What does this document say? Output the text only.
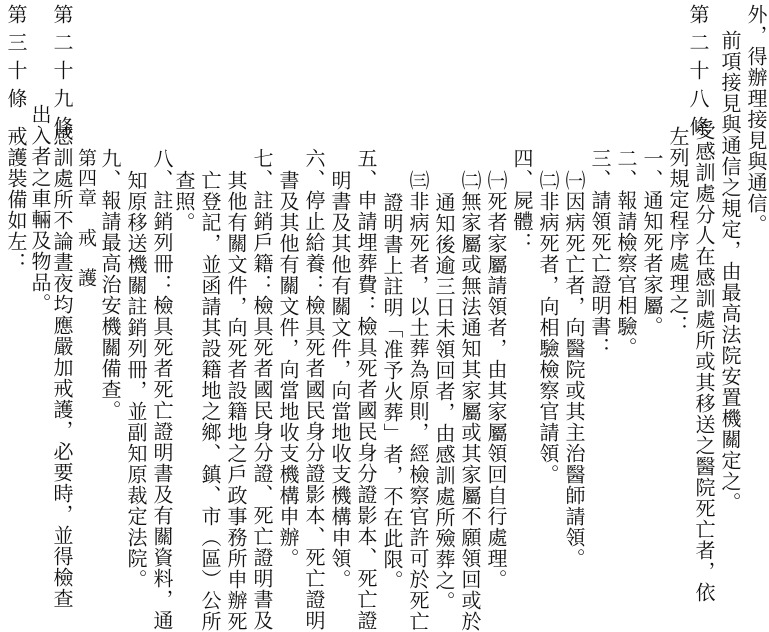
第二十八條
第二十九條
第三十條	外，得辦理接見與通信。
前項接見與通信之規定，由最高法院安置機關定之。
受感訓處分人在感訓處所或其移送之醫院死亡者，依
左列規定程序處理之：
一、通知死者家屬。
二、報請檢察官相驗。
三、請領死亡證明書：
㈠因病死亡者，向醫院或其主治醫師請領。
㈡非病死者，向相驗檢察官請領。
四、屍體：
㈠死者家屬請領者，由其家屬領回自行處理。
㈡無家屬或無法通知其家屬或其家屬不願領回或於
通知後逾三日未領回者，由感訓處所殮葬之。
㈢非病死者，以土葬為原則，經檢察官許可於死亡
證明書上註明「准予火葬」者，不在此限。
五、申請埋葬費：檢具死者國民身分證影本、死亡證
明書及其他有關文件，向當地收支機構申領。
六、停止給養：檢具死者國民身分證影本、死亡證明
書及其他有關文件，向當地收支機構申辦。
七、註銷戶籍：檢具死者國民身分證、死亡證明書及
其他有關文件，向死者設籍地之戶政事務所申辦死
亡登記，並函請其設籍地之鄉、鎮、市（區）公所
查照。
八、註銷列冊：檢具死者死亡證明書及有關資料，通
知原移送機關註銷列冊，並副知原裁定法院。
九、報請最高治安機關備查。
第四章　戒　護
感訓處所不論晝夜均應嚴加戒護，必要時，並得檢查
出入者之車輛及物品。
戒護裝備如左：
